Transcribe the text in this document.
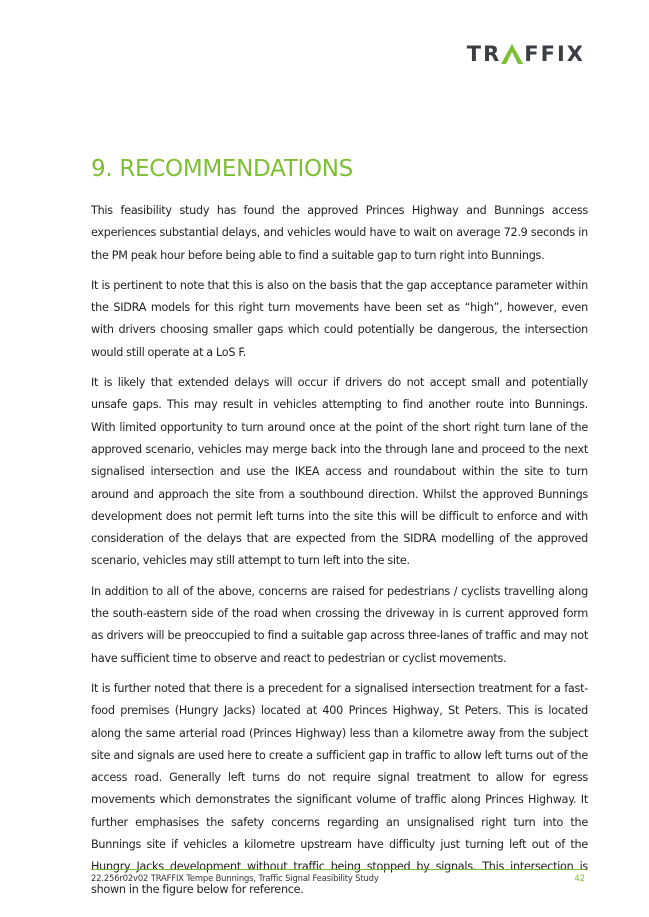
TR FFIX
9. RECOMMENDATIONS

This feasibility study has found the approved Princes Highway and Bunnings access experiences substantial delays, and vehicles would have to wait on average 72.9 seconds in the PM peak hour before being able to find a suitable gap to turn right into Bunnings.

It is pertinent to note that this is also on the basis that the gap acceptance parameter within the SIDRA models for this right turn movements have been set as “high”, however, even with drivers choosing smaller gaps which could potentially be dangerous, the intersection would still operate at a LoS F.

It is likely that extended delays will occur if drivers do not accept small and potentially unsafe gaps. This may result in vehicles attempting to find another route into Bunnings. With limited opportunity to turn around once at the point of the short right turn lane of the approved scenario, vehicles may merge back into the through lane and proceed to the next signalised intersection and use the IKEA access and roundabout within the site to turn around and approach the site from a southbound direction. Whilst the approved Bunnings development does not permit left turns into the site this will be difficult to enforce and with consideration of the delays that are expected from the SIDRA modelling of the approved scenario, vehicles may still attempt to turn left into the site.

In addition to all of the above, concerns are raised for pedestrians / cyclists travelling along the south-eastern side of the road when crossing the driveway in is current approved form as drivers will be preoccupied to find a suitable gap across three-lanes of traffic and may not have sufficient time to observe and react to pedestrian or cyclist movements.

It is further noted that there is a precedent for a signalised intersection treatment for a fast-food premises (Hungry Jacks) located at 400 Princes Highway, St Peters. This is located along the same arterial road (Princes Highway) less than a kilometre away from the subject site and signals are used here to create a sufficient gap in traffic to allow left turns out of the access road. Generally left turns do not require signal treatment to allow for egress movements which demonstrates the significant volume of traffic along Princes Highway. It further emphasises the safety concerns regarding an unsignalised right turn into the Bunnings site if vehicles a kilometre upstream have difficulty just turning left out of the Hungry Jacks development without traffic being stopped by signals. This intersection is shown in the figure below for reference.

22.256r02v02 TRAFFIX Tempe Bunnings, Traffic Signal Feasibility Study	42
